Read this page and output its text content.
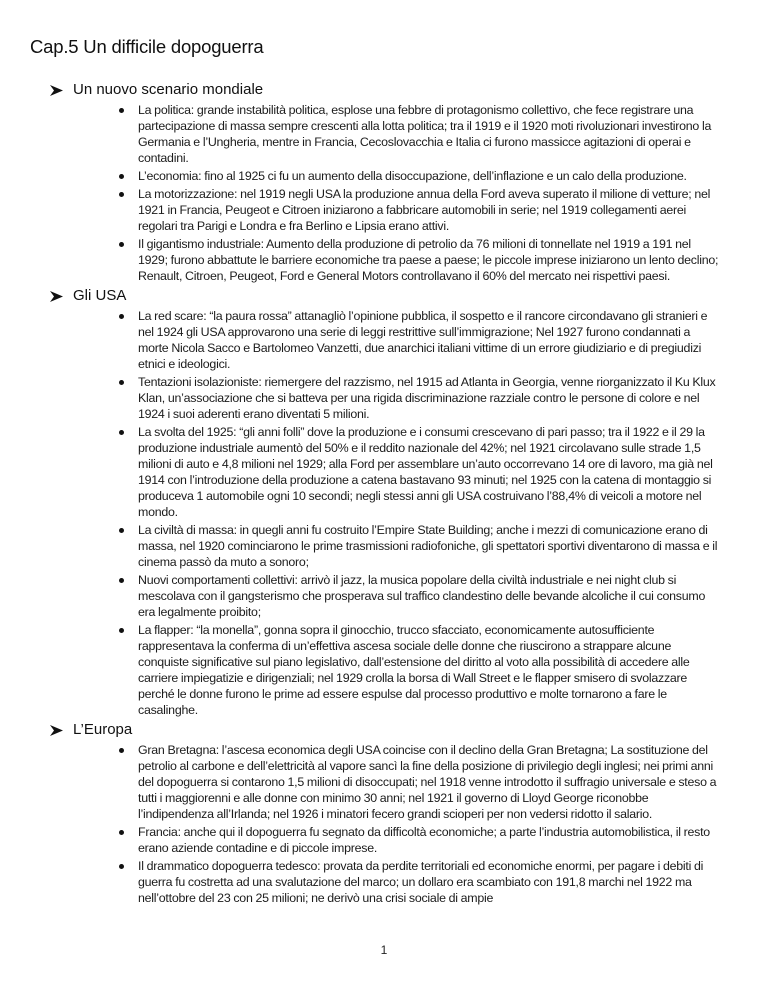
Cap.5 Un difficile dopoguerra
Un nuovo scenario mondiale
La politica: grande instabilità politica, esplose una febbre di protagonismo collettivo, che fece registrare una partecipazione di massa sempre crescenti alla lotta politica; tra il 1919 e il 1920 moti rivoluzionari investirono la Germania e l’Ungheria, mentre in Francia, Cecoslovacchia e Italia ci furono massicce agitazioni di operai e contadini.
L’economia: fino al 1925 ci fu un aumento della disoccupazione, dell’inflazione e un calo della produzione.
La motorizzazione: nel 1919 negli USA la produzione annua della Ford aveva superato il milione di vetture; nel 1921 in Francia, Peugeot e Citroen iniziarono a fabbricare automobili in serie; nel 1919 collegamenti aerei regolari tra Parigi e Londra e fra Berlino e Lipsia erano attivi.
Il gigantismo industriale: Aumento della produzione di petrolio da 76 milioni di tonnellate nel 1919 a 191 nel 1929; furono abbattute le barriere economiche tra paese a paese; le piccole imprese iniziarono un lento declino; Renault, Citroen, Peugeot, Ford e General Motors controllavano il 60% del mercato nei rispettivi paesi.
Gli USA
La red scare: “la paura rossa” attanagliò l’opinione pubblica, il sospetto e il rancore circondavano gli stranieri e nel 1924 gli USA approvarono una serie di leggi restrittive sull’immigrazione; Nel 1927 furono condannati a morte Nicola Sacco e Bartolomeo Vanzetti, due anarchici italiani vittime di un errore giudiziario e di pregiudizi etnici e ideologici.
Tentazioni isolazioniste: riemergere del razzismo, nel 1915 ad Atlanta in Georgia, venne riorganizzato il Ku Klux Klan, un’associazione che si batteva per una rigida discriminazione razziale contro le persone di colore e nel 1924 i suoi aderenti erano diventati 5 milioni.
La svolta del 1925: “gli anni folli” dove la produzione e i consumi crescevano di pari passo; tra il 1922 e il 29 la produzione industriale aumentò del 50% e il reddito nazionale del 42%; nel 1921 circolavano sulle strade 1,5 milioni di auto e 4,8 milioni nel 1929; alla Ford per assemblare un’auto occorrevano 14 ore di lavoro, ma già nel 1914 con l’introduzione della produzione a catena bastavano 93 minuti; nel 1925 con la catena di montaggio si produceva 1 automobile ogni 10 secondi; negli stessi anni gli USA costruivano l’88,4% di veicoli a motore nel mondo.
La civiltà di massa: in quegli anni fu costruito l’Empire State Building; anche i mezzi di comunicazione erano di massa, nel 1920 cominciarono le prime trasmissioni radiofoniche, gli spettatori sportivi diventarono di massa e il cinema passò da muto a sonoro;
Nuovi comportamenti collettivi: arrivò il jazz, la musica popolare della civiltà industriale e nei night club si mescolava con il gangsterismo che prosperava sul traffico clandestino delle bevande alcoliche il cui consumo era legalmente proibito;
La flapper: “la monella”, gonna sopra il ginocchio, trucco sfacciato, economicamente autosufficiente rappresentava la conferma di un’effettiva ascesa sociale delle donne che riuscirono a strappare alcune conquiste significative sul piano legislativo, dall’estensione del diritto al voto alla possibilità di accedere alle carriere impiegatizie e dirigenziali; nel 1929 crolla la borsa di Wall Street e le flapper smisero di svolazzare perché le donne furono le prime ad essere espulse dal processo produttivo e molte tornarono a fare le casalinghe.
L’Europa
Gran Bretagna: l’ascesa economica degli USA coincise con il declino della Gran Bretagna; La sostituzione del petrolio al carbone e dell’elettricità al vapore sancì la fine della posizione di privilegio degli inglesi; nei primi anni del dopoguerra si contarono 1,5 milioni di disoccupati; nel 1918 venne introdotto il suffragio universale e steso a tutti i maggiorenni e alle donne con minimo 30 anni; nel 1921 il governo di Lloyd George riconobbe l’indipendenza all’Irlanda; nel 1926 i minatori fecero grandi scioperi per non vedersi ridotto il salario.
Francia: anche qui il dopoguerra fu segnato da difficoltà economiche; a parte l’industria automobilistica, il resto erano aziende contadine e di piccole imprese.
Il drammatico dopoguerra tedesco: provata da perdite territoriali ed economiche enormi, per pagare i debiti di guerra fu costretta ad una svalutazione del marco; un dollaro era scambiato con 191,8 marchi nel 1922 ma nell’ottobre del 23 con 25 milioni; ne derivò una crisi sociale di ampie
1
